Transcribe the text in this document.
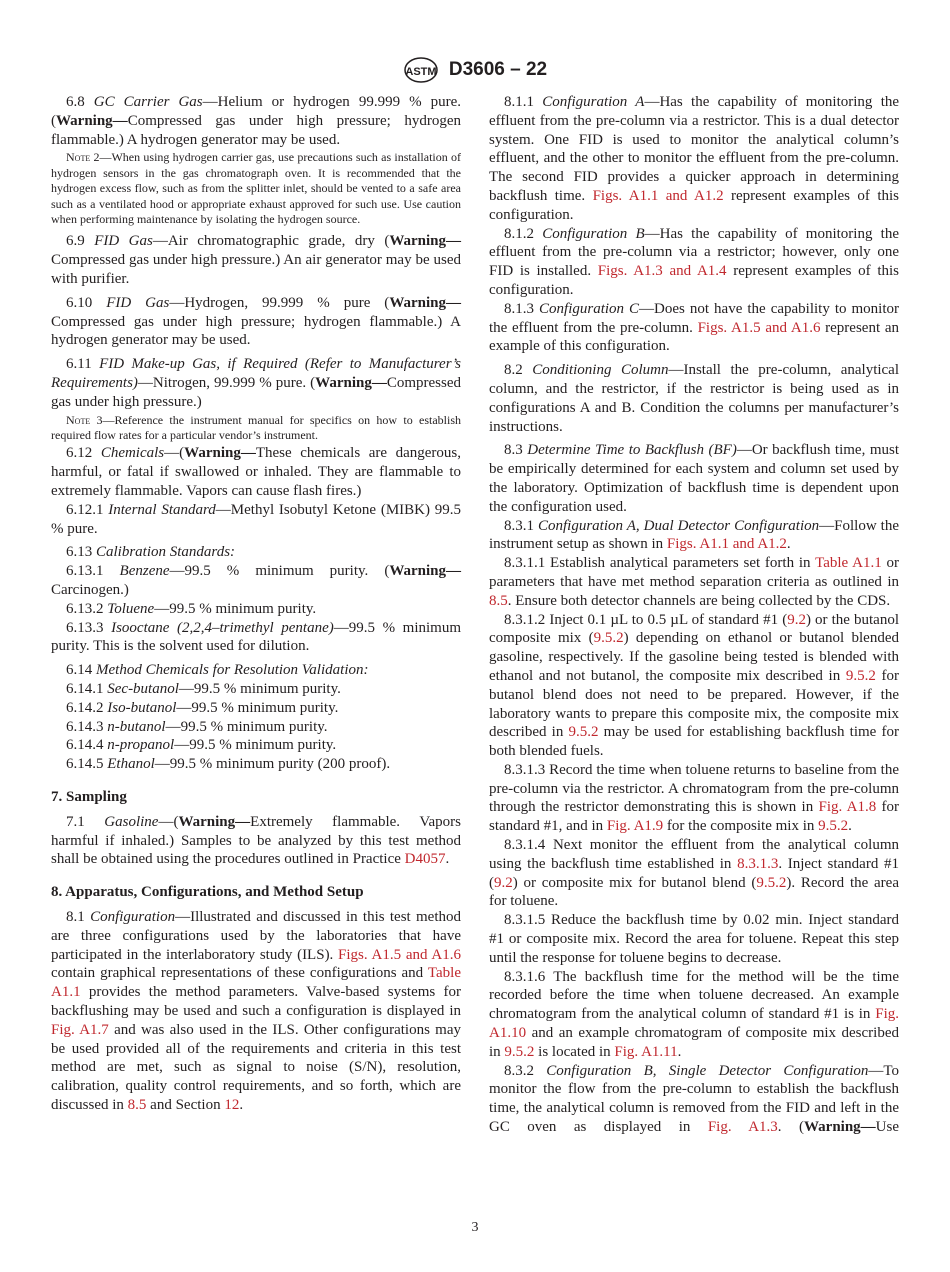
ASTM D3606 – 22

6.8 GC Carrier Gas—Helium or hydrogen 99.999 % pure. (Warning—Compressed gas under high pressure; hydrogen flammable.) A hydrogen generator may be used.

Note 2—When using hydrogen carrier gas, use precautions such as installation of hydrogen sensors in the gas chromatograph oven. It is recommended that the hydrogen excess flow, such as from the splitter inlet, should be vented to a safe area such as a ventilated hood or appropriate exhaust approved for such use. Use caution when performing maintenance by isolating the hydrogen source.

6.9 FID Gas—Air chromatographic grade, dry (Warning—Compressed gas under high pressure.) An air generator may be used with purifier.

6.10 FID Gas—Hydrogen, 99.999 % pure (Warning—Compressed gas under high pressure; hydrogen flammable.) A hydrogen generator may be used.

6.11 FID Make-up Gas, if Required (Refer to Manufacturer’s Requirements)—Nitrogen, 99.999 % pure. (Warning—Compressed gas under high pressure.)

Note 3—Reference the instrument manual for specifics on how to establish required flow rates for a particular vendor’s instrument.

6.12 Chemicals—(Warning—These chemicals are dangerous, harmful, or fatal if swallowed or inhaled. They are flammable to extremely flammable. Vapors can cause flash fires.)

6.12.1 Internal Standard—Methyl Isobutyl Ketone (MIBK) 99.5 % pure.

6.13 Calibration Standards:

6.13.1 Benzene—99.5 % minimum purity. (Warning—Carcinogen.)

6.13.2 Toluene—99.5 % minimum purity.

6.13.3 Isooctane (2,2,4–trimethyl pentane)—99.5 % minimum purity. This is the solvent used for dilution.

6.14 Method Chemicals for Resolution Validation:

6.14.1 Sec-butanol—99.5 % minimum purity.

6.14.2 Iso-butanol—99.5 % minimum purity.

6.14.3 n-butanol—99.5 % minimum purity.

6.14.4 n-propanol—99.5 % minimum purity.

6.14.5 Ethanol—99.5 % minimum purity (200 proof).

7. Sampling

7.1 Gasoline—(Warning—Extremely flammable. Vapors harmful if inhaled.) Samples to be analyzed by this test method shall be obtained using the procedures outlined in Practice D4057.

8. Apparatus, Configurations, and Method Setup

8.1 Configuration—Illustrated and discussed in this test method are three configurations used by the laboratories that have participated in the interlaboratory study (ILS). Figs. A1.5 and A1.6 contain graphical representations of these configurations and Table A1.1 provides the method parameters. Valve-based systems for backflushing may be used and such a configuration is displayed in Fig. A1.7 and was also used in the ILS. Other configurations may be used provided all of the requirements and criteria in this test method are met, such as signal to noise (S/N), resolution, calibration, quality control requirements, and so forth, which are discussed in 8.5 and Section 12.

8.1.1 Configuration A—Has the capability of monitoring the effluent from the pre-column via a restrictor. This is a dual detector system. One FID is used to monitor the analytical column’s effluent, and the other to monitor the effluent from the pre-column. The second FID provides a quicker approach in determining backflush time. Figs. A1.1 and A1.2 represent examples of this configuration.

8.1.2 Configuration B—Has the capability of monitoring the effluent from the pre-column via a restrictor; however, only one FID is installed. Figs. A1.3 and A1.4 represent examples of this configuration.

8.1.3 Configuration C—Does not have the capability to monitor the effluent from the pre-column. Figs. A1.5 and A1.6 represent an example of this configuration.

8.2 Conditioning Column—Install the pre-column, analytical column, and the restrictor, if the restrictor is being used as in configurations A and B. Condition the columns per manufacturer’s instructions.

8.3 Determine Time to Backflush (BF)—Or backflush time, must be empirically determined for each system and column set used by the laboratory. Optimization of backflush time is dependent upon the configuration used.

8.3.1 Configuration A, Dual Detector Configuration—Follow the instrument setup as shown in Figs. A1.1 and A1.2.

8.3.1.1 Establish analytical parameters set forth in Table A1.1 or parameters that have met method separation criteria as outlined in 8.5. Ensure both detector channels are being collected by the CDS.

8.3.1.2 Inject 0.1 µL to 0.5 µL of standard #1 (9.2) or the butanol composite mix (9.5.2) depending on ethanol or butanol blended gasoline, respectively. If the gasoline being tested is blended with ethanol and not butanol, the composite mix described in 9.5.2 for butanol blend does not need to be prepared. However, if the laboratory wants to prepare this composite mix, the composite mix described in 9.5.2 may be used for establishing backflush time for both blended fuels.

8.3.1.3 Record the time when toluene returns to baseline from the pre-column via the restrictor. A chromatogram from the pre-column through the restrictor demonstrating this is shown in Fig. A1.8 for standard #1, and in Fig. A1.9 for the composite mix in 9.5.2.

8.3.1.4 Next monitor the effluent from the analytical column using the backflush time established in 8.3.1.3. Inject standard #1 (9.2) or composite mix for butanol blend (9.5.2). Record the area for toluene.

8.3.1.5 Reduce the backflush time by 0.02 min. Inject standard #1 or composite mix. Record the area for toluene. Repeat this step until the response for toluene begins to decrease.

8.3.1.6 The backflush time for the method will be the time recorded before the time when toluene decreased. An example chromatogram from the analytical column of standard #1 is in Fig. A1.10 and an example chromatogram of composite mix described in 9.5.2 is located in Fig. A1.11.

8.3.2 Configuration B, Single Detector Configuration—To monitor the flow from the pre-column to establish the backflush time, the analytical column is removed from the FID and left in the GC oven as displayed in Fig. A1.3. (Warning—Use

3
